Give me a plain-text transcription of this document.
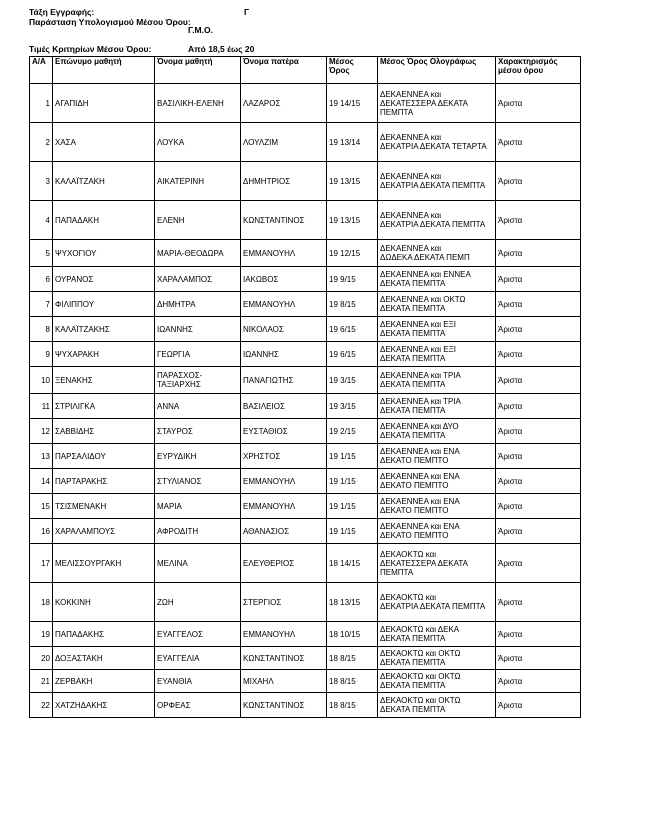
Τάξη Εγγραφής:	Γ
Παράσταση Υπολογισμού Μέσου Όρου:
Γ.Μ.Ο.
Τιμές Κριτηρίων Μέσου Όρου:	Από 18,5 έως 20
Α/Α	Επώνυμο μαθητή	Όνομα μαθητή	Όνομα πατέρα	Μέσος Όρος	Μέσος Όρος Ολογράφως	Χαρακτηρισμός μέσου όρου
1	ΑΓΑΠΙΔΗ	ΒΑΣΙΛΙΚΗ-ΕΛΕΝΗ	ΛΑΖΑΡΟΣ	19 14/15	ΔΕΚΑΕΝΝΕΑ και
ΔΕΚΑΤΕΣΣΕΡΑ ΔΕΚΑΤΑ ΠΕΜΠΤΑ	Άριστα
2	ΧΑΣΑ	ΛΟΥΚΑ	ΛΟΥΛΖΙΜ	19 13/14	ΔΕΚΑΕΝΝΕΑ και
ΔΕΚΑΤΡΙΑ ΔΕΚΑΤΑ ΤΕΤΑΡΤΑ	Άριστα
3	ΚΑΛΑΪΤΖΑΚΗ	ΑΙΚΑΤΕΡΙΝΗ	ΔΗΜΗΤΡΙΟΣ	19 13/15	ΔΕΚΑΕΝΝΕΑ και
ΔΕΚΑΤΡΙΑ ΔΕΚΑΤΑ ΠΕΜΠΤΑ	Άριστα
4	ΠΑΠΑΔΑΚΗ	ΕΛΕΝΗ	ΚΩΝΣΤΑΝΤΙΝΟΣ	19 13/15	ΔΕΚΑΕΝΝΕΑ και
ΔΕΚΑΤΡΙΑ ΔΕΚΑΤΑ ΠΕΜΠΤΑ	Άριστα
5	ΨΥΧΟΓΙΟΥ	ΜΑΡΙΑ-ΘΕΟΔΩΡΑ	ΕΜΜΑΝΟΥΗΛ	19 12/15	ΔΕΚΑΕΝΝΕΑ και
ΔΩΔΕΚΑ ΔΕΚΑΤΑ ΠΕΜΠ	Άριστα
6	ΟΥΡΑΝΟΣ	ΧΑΡΑΛΑΜΠΟΣ	ΙΑΚΩΒΟΣ	19 9/15	ΔΕΚΑΕΝΝΕΑ και ΕΝΝΕΑ
ΔΕΚΑΤΑ ΠΕΜΠΤΑ	Άριστα
7	ΦΙΛΙΠΠΟΥ	ΔΗΜΗΤΡΑ	ΕΜΜΑΝΟΥΗΛ	19 8/15	ΔΕΚΑΕΝΝΕΑ και ΟΚΤΩ
ΔΕΚΑΤΑ ΠΕΜΠΤΑ	Άριστα
8	ΚΑΛΑΪΤΖΑΚΗΣ	ΙΩΑΝΝΗΣ	ΝΙΚΟΛΑΟΣ	19 6/15	ΔΕΚΑΕΝΝΕΑ και ΕΞΙ
ΔΕΚΑΤΑ ΠΕΜΠΤΑ	Άριστα
9	ΨΥΧΑΡΑΚΗ	ΓΕΩΡΓΙΑ	ΙΩΑΝΝΗΣ	19 6/15	ΔΕΚΑΕΝΝΕΑ και ΕΞΙ
ΔΕΚΑΤΑ ΠΕΜΠΤΑ	Άριστα
10	ΞΕΝΑΚΗΣ	ΠΑΡΑΣΧΟΣ-ΤΑΞΙΑΡΧΗΣ	ΠΑΝΑΓΙΩΤΗΣ	19 3/15	ΔΕΚΑΕΝΝΕΑ και ΤΡΙΑ
ΔΕΚΑΤΑ ΠΕΜΠΤΑ	Άριστα
11	ΣΤΡΙΛΙΓΚΑ	ΑΝΝΑ	ΒΑΣΙΛΕΙΟΣ	19 3/15	ΔΕΚΑΕΝΝΕΑ και ΤΡΙΑ
ΔΕΚΑΤΑ ΠΕΜΠΤΑ	Άριστα
12	ΣΑΒΒΙΔΗΣ	ΣΤΑΥΡΟΣ	ΕΥΣΤΑΘΙΟΣ	19 2/15	ΔΕΚΑΕΝΝΕΑ και ΔΥΟ
ΔΕΚΑΤΑ ΠΕΜΠΤΑ	Άριστα
13	ΠΑΡΣΑΛΙΔΟΥ	ΕΥΡΥΔΙΚΗ	ΧΡΗΣΤΟΣ	19 1/15	ΔΕΚΑΕΝΝΕΑ και ΕΝΑ
ΔΕΚΑΤΟ ΠΕΜΠΤΟ	Άριστα
14	ΠΑΡΤΑΡΑΚΗΣ	ΣΤΥΛΙΑΝΟΣ	ΕΜΜΑΝΟΥΗΛ	19 1/15	ΔΕΚΑΕΝΝΕΑ και ΕΝΑ
ΔΕΚΑΤΟ ΠΕΜΠΤΟ	Άριστα
15	ΤΣΙΣΜΕΝΑΚΗ	ΜΑΡΙΑ	ΕΜΜΑΝΟΥΗΛ	19 1/15	ΔΕΚΑΕΝΝΕΑ και ΕΝΑ
ΔΕΚΑΤΟ ΠΕΜΠΤΟ	Άριστα
16	ΧΑΡΑΛΑΜΠΟΥΣ	ΑΦΡΟΔΙΤΗ	ΑΘΑΝΑΣΙΟΣ	19 1/15	ΔΕΚΑΕΝΝΕΑ και ΕΝΑ
ΔΕΚΑΤΟ ΠΕΜΠΤΟ	Άριστα
17	ΜΕΛΙΣΣΟΥΡΓΑΚΗ	ΜΕΛΙΝΑ	ΕΛΕΥΘΕΡΙΟΣ	18 14/15	ΔΕΚΑΟΚΤΩ και
ΔΕΚΑΤΕΣΣΕΡΑ ΔΕΚΑΤΑ ΠΕΜΠΤΑ	Άριστα
18	ΚΟΚΚΙΝΗ	ΖΩΗ	ΣΤΕΡΓΙΟΣ	18 13/15	ΔΕΚΑΟΚΤΩ και
ΔΕΚΑΤΡΙΑ ΔΕΚΑΤΑ ΠΕΜΠΤΑ	Άριστα
19	ΠΑΠΑΔΑΚΗΣ	ΕΥΑΓΓΕΛΟΣ	ΕΜΜΑΝΟΥΗΛ	18 10/15	ΔΕΚΑΟΚΤΩ και ΔΕΚΑ
ΔΕΚΑΤΑ ΠΕΜΠΤΑ	Άριστα
20	ΔΟΞΑΣΤΑΚΗ	ΕΥΑΓΓΕΛΙΑ	ΚΩΝΣΤΑΝΤΙΝΟΣ	18 8/15	ΔΕΚΑΟΚΤΩ και ΟΚΤΩ
ΔΕΚΑΤΑ ΠΕΜΠΤΑ	Άριστα
21	ΖΕΡΒΑΚΗ	ΕΥΑΝΘΙΑ	ΜΙΧΑΗΛ	18 8/15	ΔΕΚΑΟΚΤΩ και ΟΚΤΩ
ΔΕΚΑΤΑ ΠΕΜΠΤΑ	Άριστα
22	ΧΑΤΖΗΔΑΚΗΣ	ΟΡΦΕΑΣ	ΚΩΝΣΤΑΝΤΙΝΟΣ	18 8/15	ΔΕΚΑΟΚΤΩ και ΟΚΤΩ
ΔΕΚΑΤΑ ΠΕΜΠΤΑ	Άριστα
